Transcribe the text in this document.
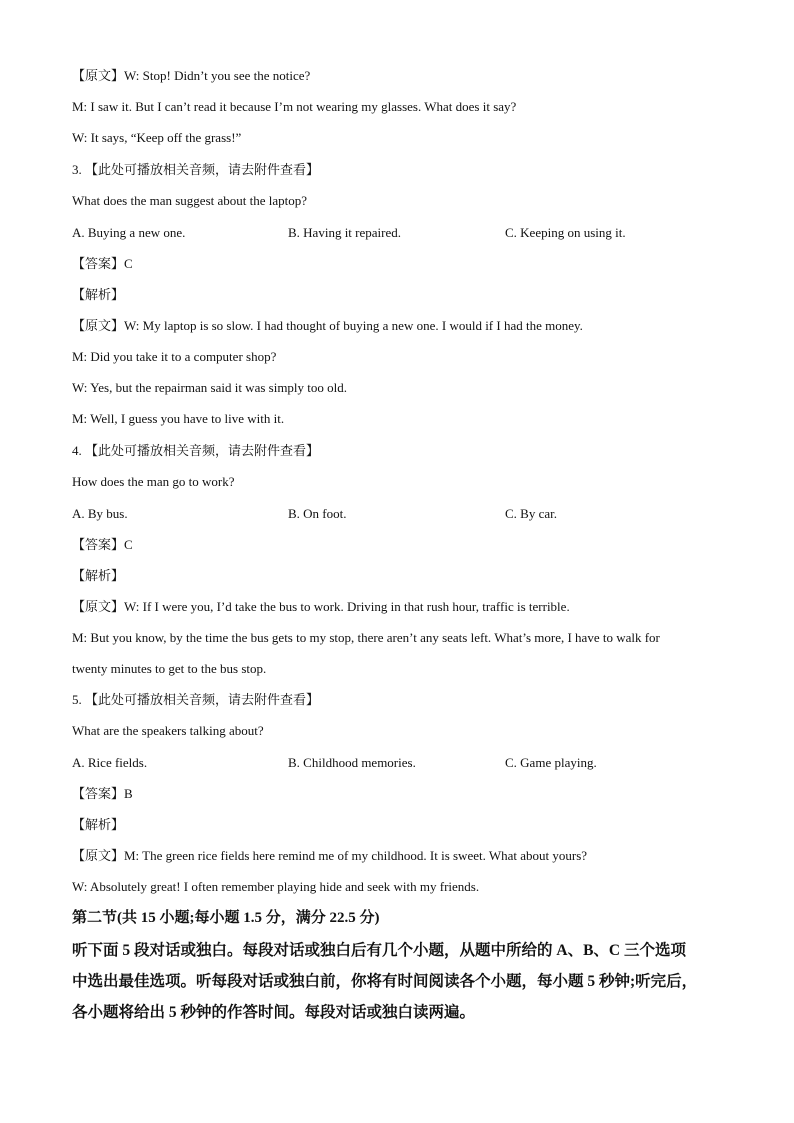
【原文】W: Stop! Didn’t you see the notice?
M: I saw it. But I can’t read it because I’m not wearing my glasses. What does it say?
W: It says, “Keep off the grass!”
3. 【此处可播放相关音频，请去附件查看】
What does the man suggest about the laptop?
A. Buying a new one.	B. Having it repaired.	C. Keeping on using it.
【答案】C
【解析】
【原文】W: My laptop is so slow. I had thought of buying a new one. I would if I had the money.
M: Did you take it to a computer shop?
W: Yes, but the repairman said it was simply too old.
M: Well, I guess you have to live with it.
4. 【此处可播放相关音频，请去附件查看】
How does the man go to work?
A. By bus.	B. On foot.	C. By car.
【答案】C
【解析】
【原文】W: If I were you, I’d take the bus to work. Driving in that rush hour, traffic is terrible.
M: But you know, by the time the bus gets to my stop, there aren’t any seats left. What’s more, I have to walk for
twenty minutes to get to the bus stop.
5. 【此处可播放相关音频，请去附件查看】
What are the speakers talking about?
A. Rice fields.	B. Childhood memories.	C. Game playing.
【答案】B
【解析】
【原文】M: The green rice fields here remind me of my childhood. It is sweet. What about yours?
W: Absolutely great! I often remember playing hide and seek with my friends.
第二节(共 15 小题;每小题 1.5 分，满分 22.5 分)
听下面 5 段对话或独白。每段对话或独白后有几个小题，从题中所给的 A、B、C 三个选项
中选出最佳选项。听每段对话或独白前，你将有时间阅读各个小题，每小题 5 秒钟;听完后，
各小题将给出 5 秒钟的作答时间。每段对话或独白读两遍。
